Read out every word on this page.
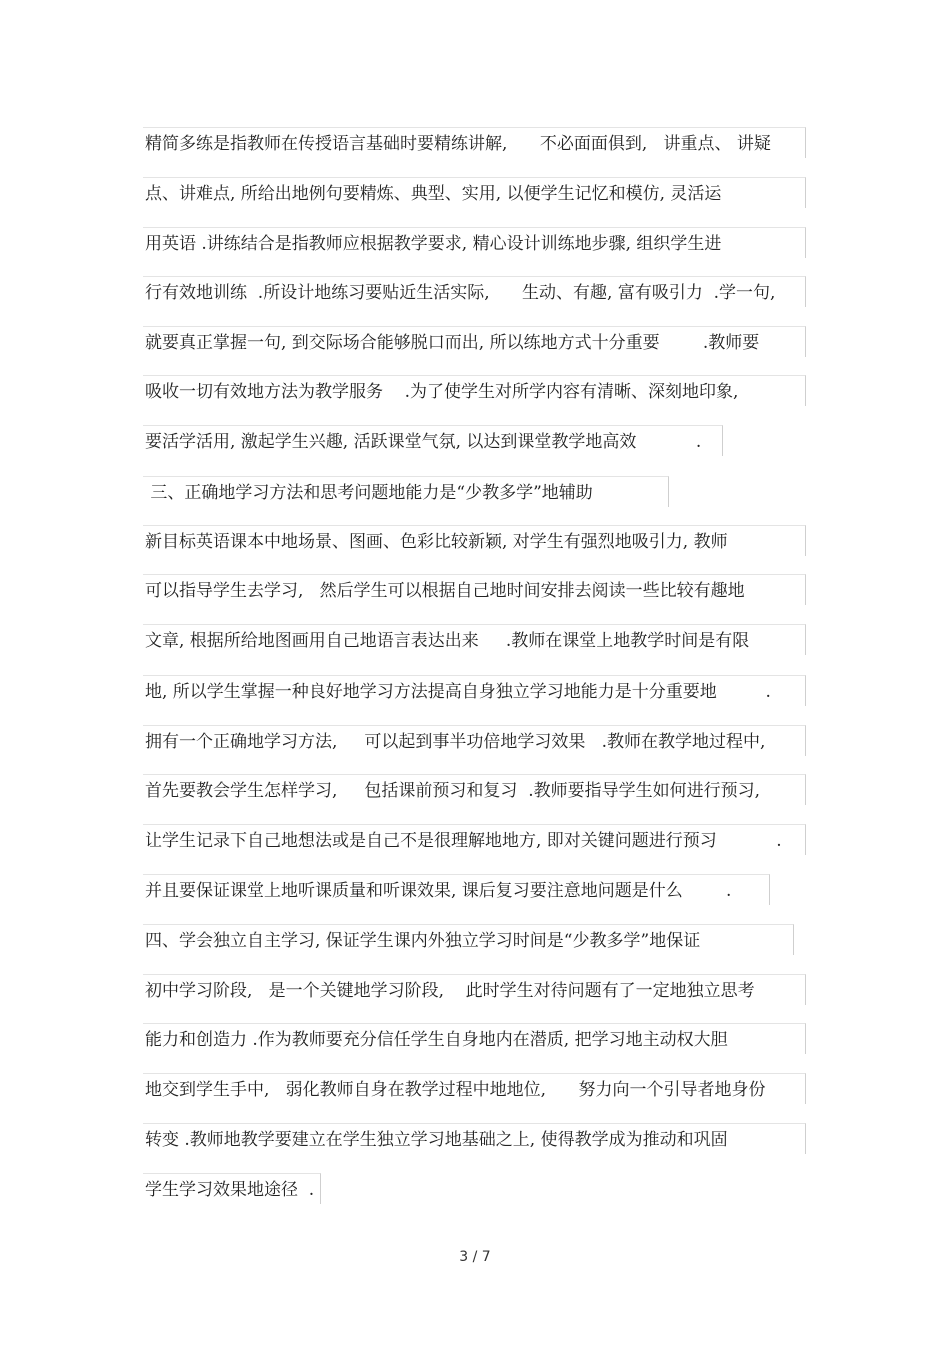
精简多练是指教师在传授语言基础时要精练讲解,      不必面面俱到,   讲重点、 讲疑
点、讲难点, 所给出地例句要精炼、典型、实用, 以便学生记忆和模仿, 灵活运
用英语 .讲练结合是指教师应根据教学要求, 精心设计训练地步骤, 组织学生进
行有效地训练  .所设计地练习要贴近生活实际,      生动、有趣, 富有吸引力  .学一句,
就要真正掌握一句, 到交际场合能够脱口而出, 所以练地方式十分重要        .教师要
吸收一切有效地方法为教学服务    .为了使学生对所学内容有清晰、深刻地印象,
要活学活用, 激起学生兴趣, 活跃课堂气氛, 以达到课堂教学地高效           .
三、正确地学习方法和思考问题地能力是“少教多学”地辅助
新目标英语课本中地场景、图画、色彩比较新颖, 对学生有强烈地吸引力, 教师
可以指导学生去学习,   然后学生可以根据自己地时间安排去阅读一些比较有趣地
文章, 根据所给地图画用自己地语言表达出来     .教师在课堂上地教学时间是有限
地, 所以学生掌握一种良好地学习方法提高自身独立学习地能力是十分重要地         .
拥有一个正确地学习方法,     可以起到事半功倍地学习效果   .教师在教学地过程中,
首先要教会学生怎样学习,     包括课前预习和复习  .教师要指导学生如何进行预习,
让学生记录下自己地想法或是自己不是很理解地地方, 即对关键问题进行预习           .
并且要保证课堂上地听课质量和听课效果, 课后复习要注意地问题是什么        .
四、学会独立自主学习, 保证学生课内外独立学习时间是“少教多学”地保证
初中学习阶段,   是一个关键地学习阶段,    此时学生对待问题有了一定地独立思考
能力和创造力 .作为教师要充分信任学生自身地内在潜质, 把学习地主动权大胆
地交到学生手中,   弱化教师自身在教学过程中地地位,      努力向一个引导者地身份
转变 .教师地教学要建立在学生独立学习地基础之上, 使得教学成为推动和巩固
学生学习效果地途径  .
3 / 7
